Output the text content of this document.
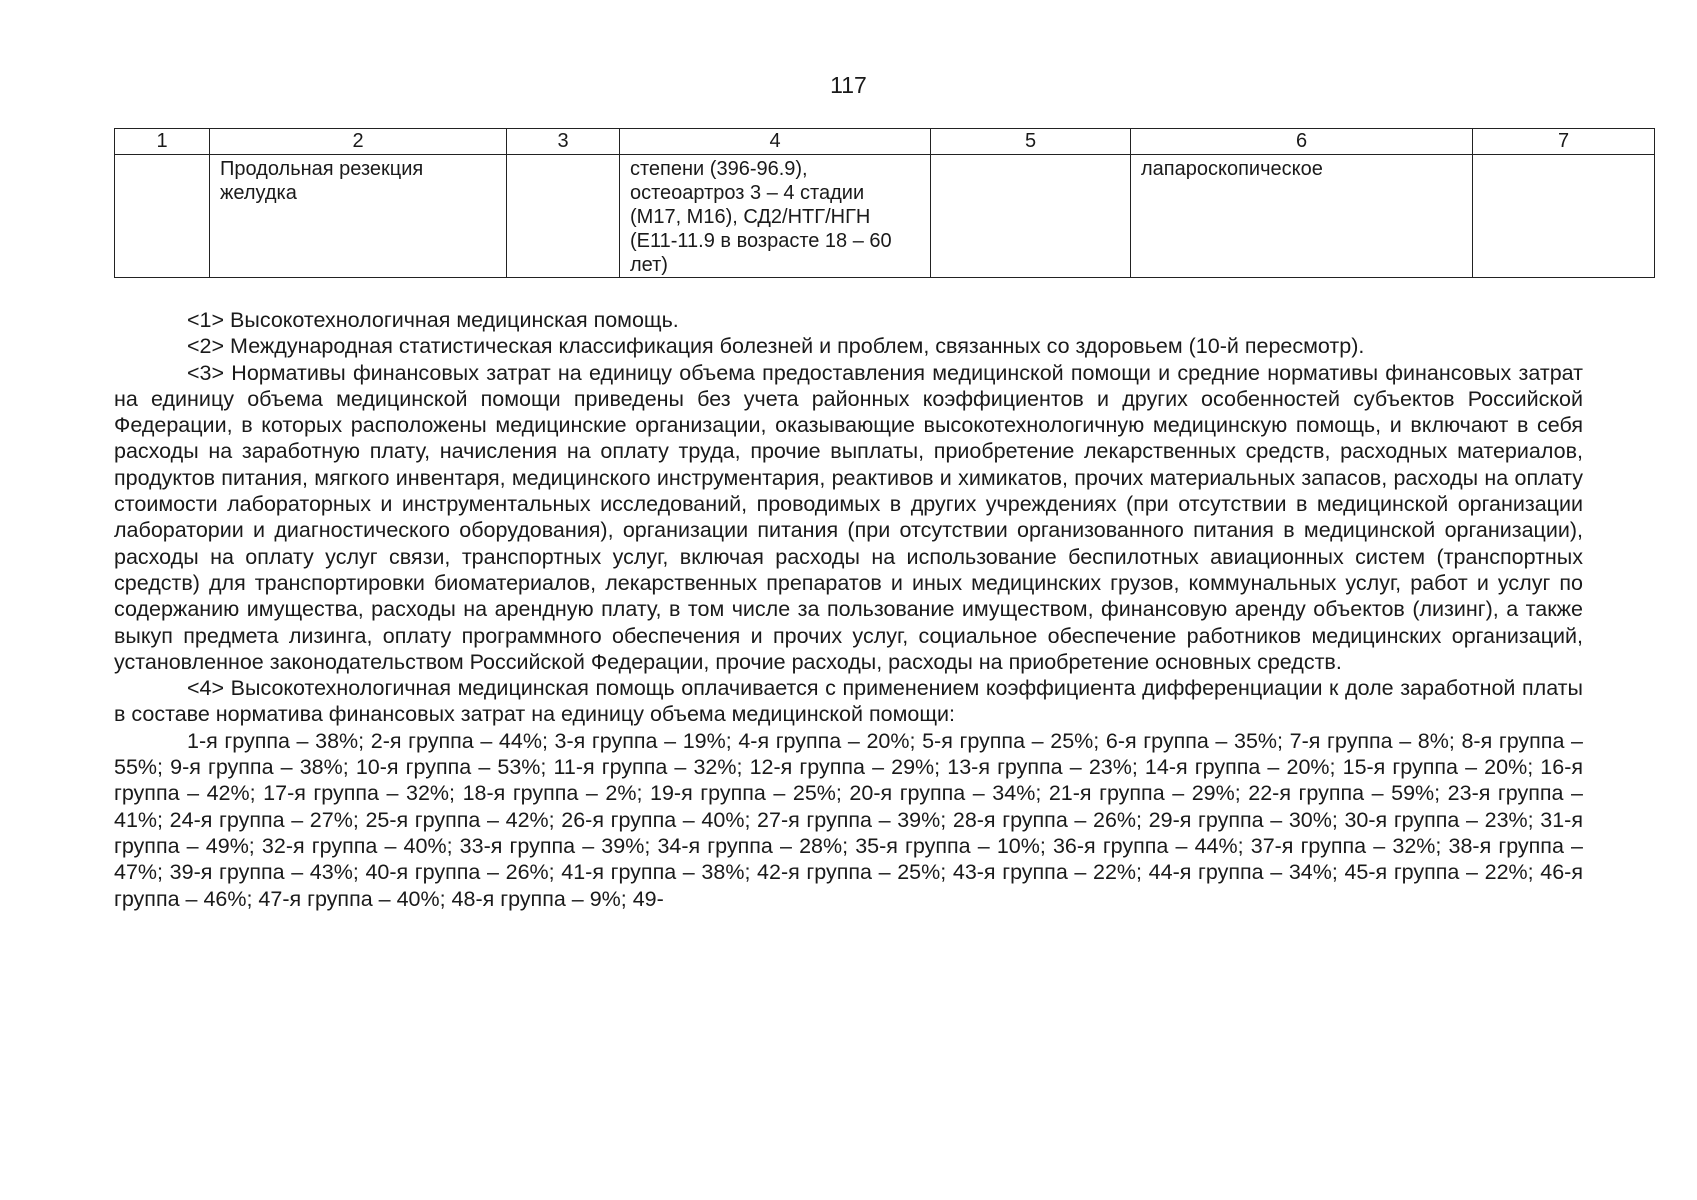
117
1	2	3	4	5	6	7
	Продольная резекция желудка		степени (396-96.9), остеоартроз 3 – 4 стадии (M17, M16), СД2/НТГ/НГН (E11-11.9 в возрасте 18 – 60 лет)		лапароскопическое	

<1> Высокотехнологичная медицинская помощь.

<2> Международная статистическая классификация болезней и проблем, связанных со здоровьем (10-й пересмотр).

<3> Нормативы финансовых затрат на единицу объема предоставления медицинской помощи и средние нормативы финансовых затрат на единицу объема медицинской помощи приведены без учета районных коэффициентов и других особенностей субъектов Российской Федерации, в которых расположены медицинские организации, оказывающие высокотехнологичную медицинскую помощь, и включают в себя расходы на заработную плату, начисления на оплату труда, прочие выплаты, приобретение лекарственных средств, расходных материалов, продуктов питания, мягкого инвентаря, медицинского инструментария, реактивов и химикатов, прочих материальных запасов, расходы на оплату стоимости лабораторных и инструментальных исследований, проводимых в других учреждениях (при отсутствии в медицинской организации лаборатории и диагностического оборудования), организации питания (при отсутствии организованного питания в медицинской организации), расходы на оплату услуг связи, транспортных услуг, включая расходы на использование беспилотных авиационных систем (транспортных средств) для транспортировки биоматериалов, лекарственных препаратов и иных медицинских грузов, коммунальных услуг, работ и услуг по содержанию имущества, расходы на арендную плату, в том числе за пользование имуществом, финансовую аренду объектов (лизинг), а также выкуп предмета лизинга, оплату программного обеспечения и прочих услуг, социальное обеспечение работников медицинских организаций, установленное законодательством Российской Федерации, прочие расходы, расходы на приобретение основных средств.

<4> Высокотехнологичная медицинская помощь оплачивается с применением коэффициента дифференциации к доле заработной платы в составе норматива финансовых затрат на единицу объема медицинской помощи:

1-я группа – 38%; 2-я группа – 44%; 3-я группа – 19%; 4-я группа – 20%; 5-я группа – 25%; 6-я группа – 35%; 7-я группа – 8%; 8-я группа – 55%; 9-я группа – 38%; 10-я группа – 53%; 11-я группа – 32%; 12-я группа – 29%; 13-я группа – 23%; 14-я группа – 20%; 15-я группа – 20%; 16-я группа – 42%; 17-я группа – 32%; 18-я группа – 2%; 19-я группа – 25%; 20-я группа – 34%; 21-я группа – 29%; 22-я группа – 59%; 23-я группа – 41%; 24-я группа – 27%; 25-я группа – 42%; 26-я группа – 40%; 27-я группа – 39%; 28-я группа – 26%; 29-я группа – 30%; 30-я группа – 23%; 31-я группа – 49%; 32-я группа – 40%; 33-я группа – 39%; 34-я группа – 28%; 35-я группа – 10%; 36-я группа – 44%; 37-я группа – 32%; 38-я группа – 47%; 39-я группа – 43%; 40-я группа – 26%; 41-я группа – 38%; 42-я группа – 25%; 43-я группа – 22%; 44-я группа – 34%; 45-я группа – 22%; 46-я группа – 46%; 47-я группа – 40%; 48-я группа – 9%; 49-
